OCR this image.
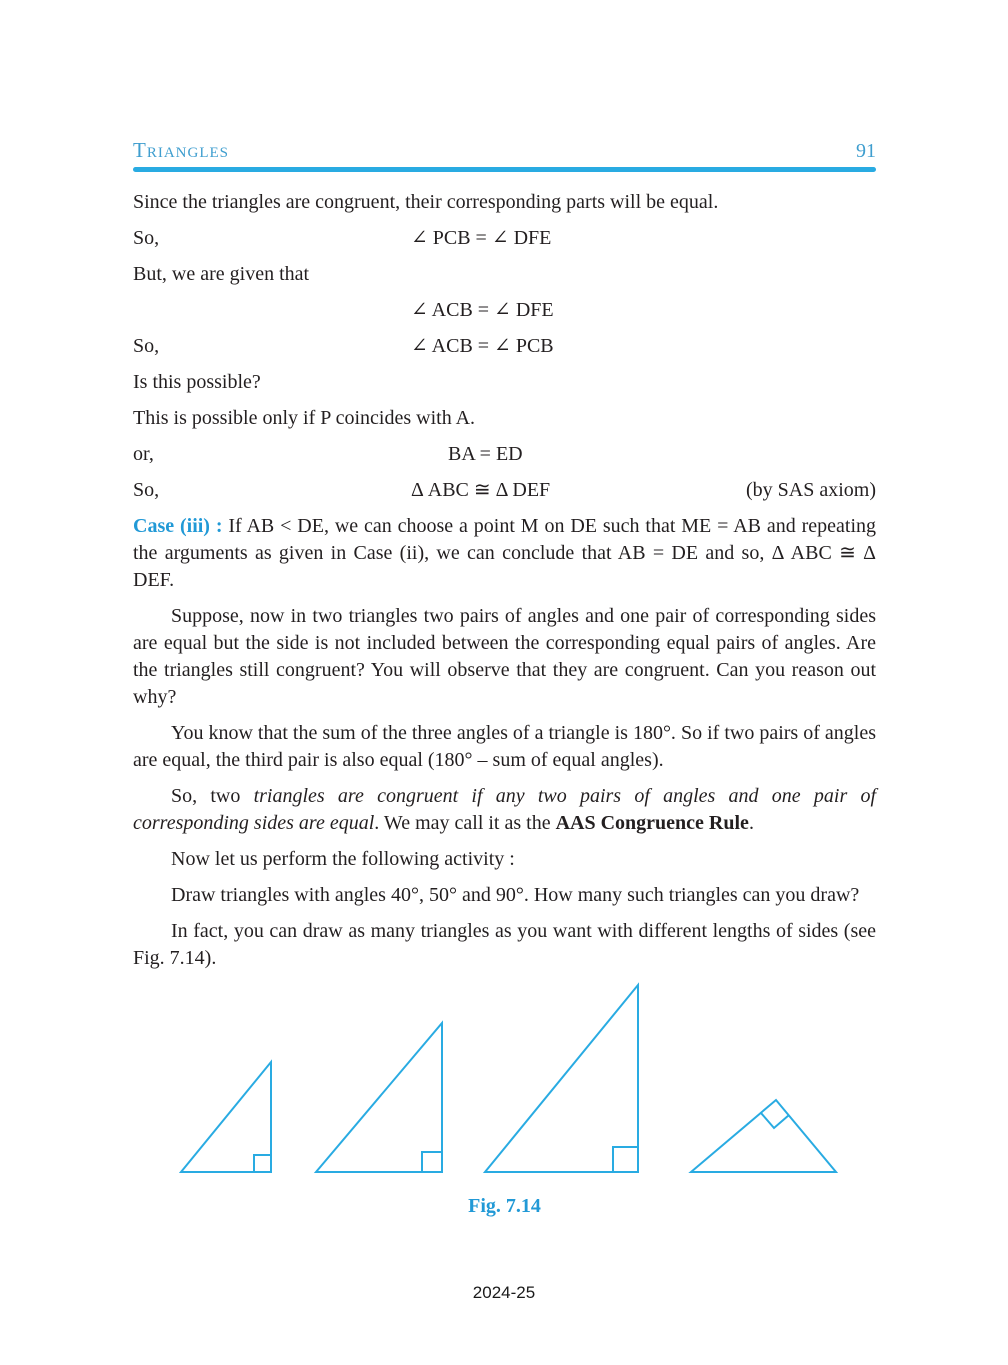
Triangles	91

Since the triangles are congruent, their corresponding parts will be equal.

So,	∠ PCB = ∠ DFE

But, we are given that

∠ ACB = ∠ DFE
So,	∠ ACB = ∠ PCB

Is this possible?

This is possible only if P coincides with A.

or,	BA = ED
So,	Δ ABC ≅ Δ DEF	(by SAS axiom)

Case (iii) : If AB < DE, we can choose a point M on DE such that ME = AB and repeating the arguments as given in Case (ii), we can conclude that AB = DE and so, Δ ABC ≅ Δ DEF.

Suppose, now in two triangles two pairs of angles and one pair of corresponding sides are equal but the side is not included between the corresponding equal pairs of angles. Are the triangles still congruent? You will observe that they are congruent. Can you reason out why?

You know that the sum of the three angles of a triangle is 180°. So if two pairs of angles are equal, the third pair is also equal (180° – sum of equal angles).

So, two triangles are congruent if any two pairs of angles and one pair of corresponding sides are equal. We may call it as the AAS Congruence Rule.

Now let us perform the following activity :

Draw triangles with angles 40°, 50° and 90°. How many such triangles can you draw?

In fact, you can draw as many triangles as you want with different lengths of sides (see Fig. 7.14).

Fig. 7.14
2024-25
